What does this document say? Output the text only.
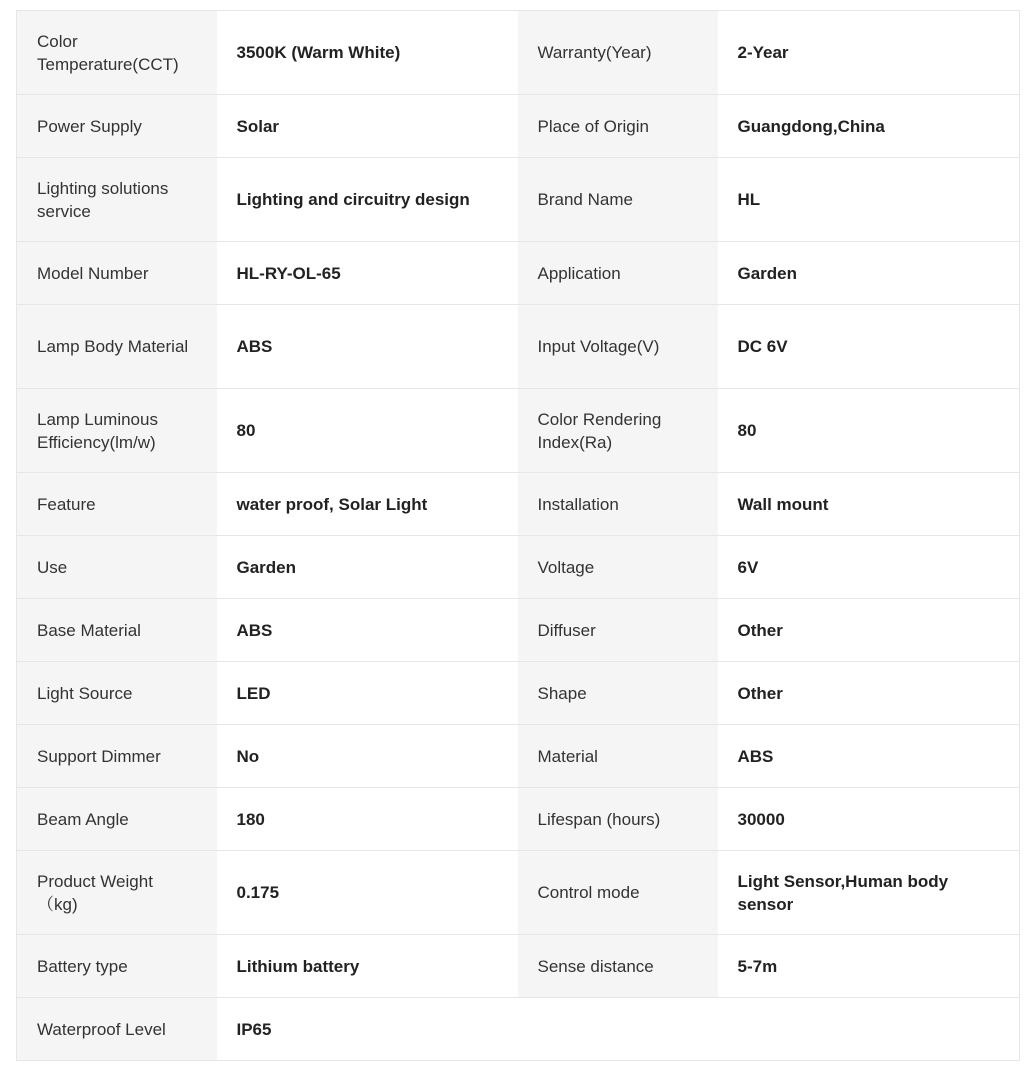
Color Temperature(CCT)	3500K (Warm White)	Warranty(Year)	2-Year
Power Supply	Solar	Place of Origin	Guangdong,China
Lighting solutions service	Lighting and circuitry design	Brand Name	HL
Model Number	HL-RY-OL-65	Application	Garden
Lamp Body Material	ABS	Input Voltage(V)	DC 6V
Lamp Luminous Efficiency(lm/w)	80	Color Rendering Index(Ra)	80
Feature	water proof, Solar Light	Installation	Wall mount
Use	Garden	Voltage	6V
Base Material	ABS	Diffuser	Other
Light Source	LED	Shape	Other
Support Dimmer	No	Material	ABS
Beam Angle	180	Lifespan (hours)	30000
Product Weight （kg)	0.175	Control mode	Light Sensor,Human body sensor
Battery type	Lithium battery	Sense distance	5-7m
Waterproof Level	IP65		
